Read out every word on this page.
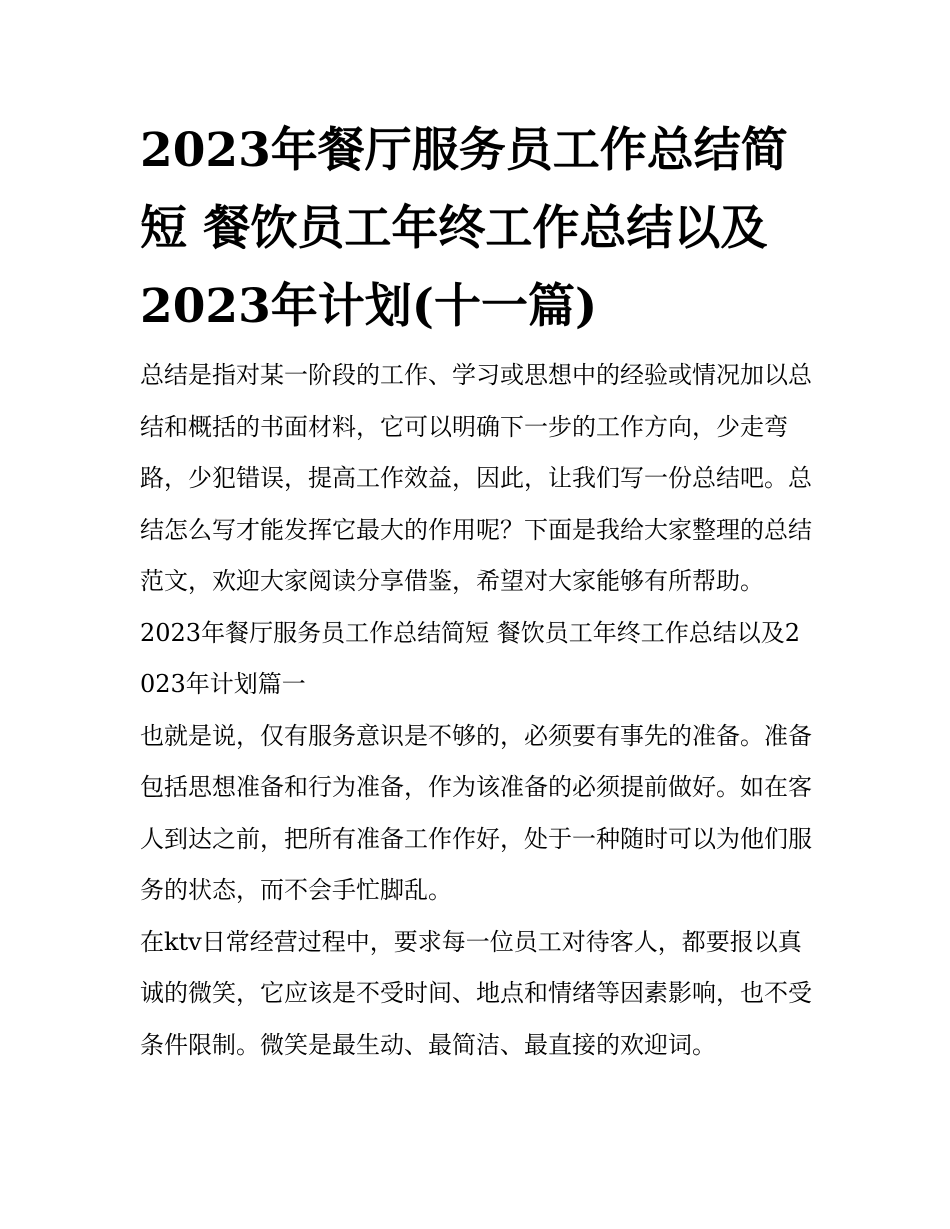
2023年餐厅服务员工作总结简短 餐饮员工年终工作总结以及2023年计划(十一篇)

总结是指对某一阶段的工作、学习或思想中的经验或情况加以总结和概括的书面材料，它可以明确下一步的工作方向，少走弯路，少犯错误，提高工作效益，因此，让我们写一份总结吧。总结怎么写才能发挥它最大的作用呢？下面是我给大家整理的总结范文，欢迎大家阅读分享借鉴，希望对大家能够有所帮助。

2023年餐厅服务员工作总结简短 餐饮员工年终工作总结以及2023年计划篇一

也就是说，仅有服务意识是不够的，必须要有事先的准备。准备包括思想准备和行为准备，作为该准备的必须提前做好。如在客人到达之前，把所有准备工作作好，处于一种随时可以为他们服务的状态，而不会手忙脚乱。

在ktv日常经营过程中，要求每一位员工对待客人，都要报以真诚的微笑，它应该是不受时间、地点和情绪等因素影响，也不受条件限制。微笑是最生动、最简洁、最直接的欢迎词。
